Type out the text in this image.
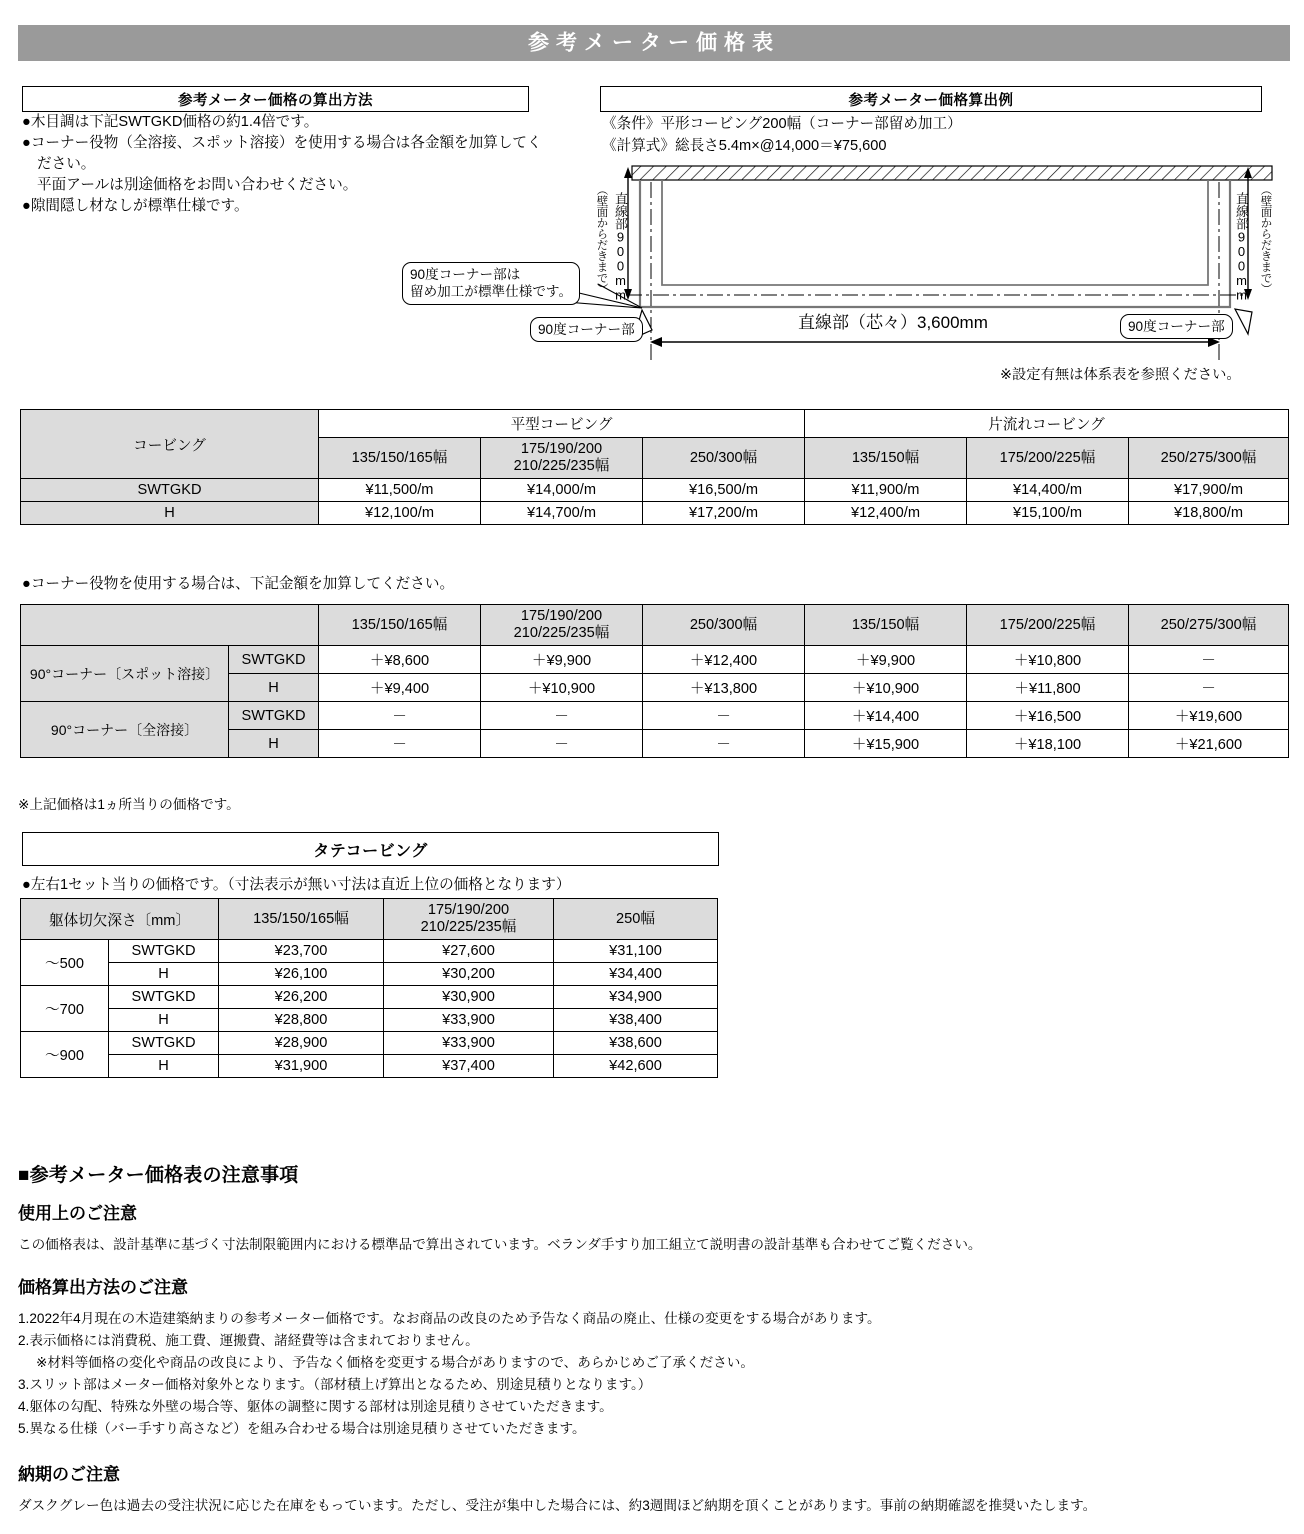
参考メーター価格表
参考メーター価格の算出方法
●木目調は下記SWTGKD価格の約1.4倍です。
●コーナー役物（全溶接、スポット溶接）を使用する場合は各金額を加算してく
ださい。
平面アールは別途価格をお問い合わせください。
●隙間隠し材なしが標準仕様です。
参考メーター価格算出例
《条件》平形コービング200幅（コーナー部留め加工）
《計算式》総長さ5.4m×@14,000＝¥75,600
直線部900mm
（壁面からだきまで）	直線部900mm （壁面からだきまで）
直線部（芯々）3,600mm
90度コーナー部は
留め加工が標準仕様です。
90度コーナー部	90度コーナー部
※設定有無は体系表を参照ください。
コービング	平型コービング			片流れコービング		
	135/150/165幅	175/190/200
210/225/235幅	250/300幅	135/150幅	175/200/225幅	250/275/300幅
SWTGKD	¥11,500/m	¥14,000/m	¥16,500/m	¥11,900/m	¥14,400/m	¥17,900/m
H	¥12,100/m	¥14,700/m	¥17,200/m	¥12,400/m	¥15,100/m	¥18,800/m
●コーナー役物を使用する場合は、下記金額を加算してください。
		135/150/165幅	175/190/200
210/225/235幅	250/300幅	135/150幅	175/200/225幅	250/275/300幅
90°コーナー〔スポット溶接〕	SWTGKD	＋¥8,600	＋¥9,900	＋¥12,400	＋¥9,900	＋¥10,800	－
	H	＋¥9,400	＋¥10,900	＋¥13,800	＋¥10,900	＋¥11,800	－
90°コーナー〔全溶接〕	SWTGKD	－	－	－	＋¥14,400	＋¥16,500	＋¥19,600
	H	－	－	－	＋¥15,900	＋¥18,100	＋¥21,600
※上記価格は1ヵ所当りの価格です。
タテコービング
●左右1セット当りの価格です。（寸法表示が無い寸法は直近上位の価格となります）
躯体切欠深さ〔mm〕		135/150/165幅	175/190/200
210/225/235幅	250幅
～500	SWTGKD	¥23,700	¥27,600	¥31,100
	H	¥26,100	¥30,200	¥34,400
～700	SWTGKD	¥26,200	¥30,900	¥34,900
	H	¥28,800	¥33,900	¥38,400
～900	SWTGKD	¥28,900	¥33,900	¥38,600
	H	¥31,900	¥37,400	¥42,600
■参考メーター価格表の注意事項
使用上のご注意
この価格表は、設計基準に基づく寸法制限範囲内における標準品で算出されています。ベランダ手すり加工組立て説明書の設計基準も合わせてご覧ください。
価格算出方法のご注意
1.2022年4月現在の木造建築納まりの参考メーター価格です。なお商品の改良のため予告なく商品の廃止、仕様の変更をする場合があります。
2.表示価格には消費税、施工費、運搬費、諸経費等は含まれておりません。
※材料等価格の変化や商品の改良により、予告なく価格を変更する場合がありますので、あらかじめご了承ください。
3.スリット部はメーター価格対象外となります。（部材積上げ算出となるため、別途見積りとなります。）
4.躯体の勾配、特殊な外壁の場合等、躯体の調整に関する部材は別途見積りさせていただきます。
5.異なる仕様（バー手すり高さなど）を組み合わせる場合は別途見積りさせていただきます。
納期のご注意
ダスクグレー色は過去の受注状況に応じた在庫をもっています。ただし、受注が集中した場合には、約3週間ほど納期を頂くことがあります。事前の納期確認を推奨いたします。
